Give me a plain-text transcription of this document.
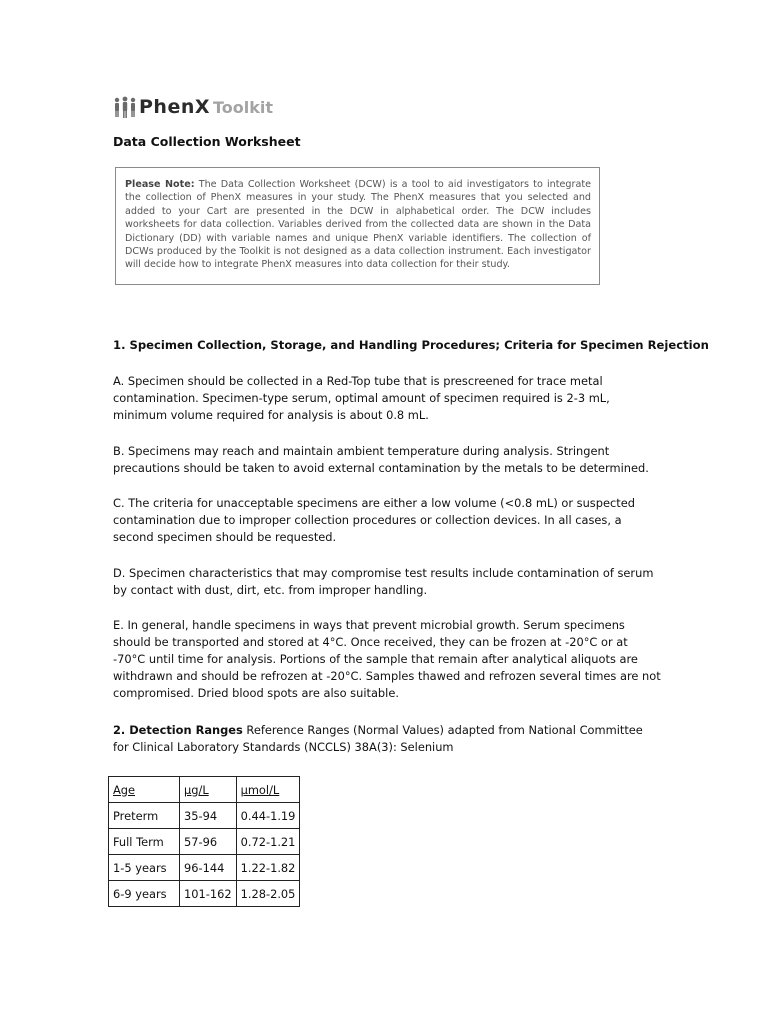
PhenX Toolkit
Data Collection Worksheet
Please Note: The Data Collection Worksheet (DCW) is a tool to aid investigators to integrate the collection of PhenX measures in your study. The PhenX measures that you selected and added to your Cart are presented in the DCW in alphabetical order. The DCW includes worksheets for data collection. Variables derived from the collected data are shown in the Data Dictionary (DD) with variable names and unique PhenX variable identifiers. The collection of DCWs produced by the Toolkit is not designed as a data collection instrument. Each investigator will decide how to integrate PhenX measures into data collection for their study.
1. Specimen Collection, Storage, and Handling Procedures; Criteria for Specimen Rejection
A. Specimen should be collected in a Red-Top tube that is prescreened for trace metal contamination. Specimen-type serum, optimal amount of specimen required is 2-3 mL, minimum volume required for analysis is about 0.8 mL.
B. Specimens may reach and maintain ambient temperature during analysis. Stringent precautions should be taken to avoid external contamination by the metals to be determined.
C. The criteria for unacceptable specimens are either a low volume (<0.8 mL) or suspected contamination due to improper collection procedures or collection devices. In all cases, a second specimen should be requested.
D. Specimen characteristics that may compromise test results include contamination of serum by contact with dust, dirt, etc. from improper handling.
E. In general, handle specimens in ways that prevent microbial growth. Serum specimens should be transported and stored at 4°C. Once received, they can be frozen at -20°C or at -70°C until time for analysis. Portions of the sample that remain after analytical aliquots are withdrawn and should be refrozen at -20°C. Samples thawed and refrozen several times are not compromised. Dried blood spots are also suitable.
2. Detection Ranges Reference Ranges (Normal Values) adapted from National Committee for Clinical Laboratory Standards (NCCLS) 38A(3): Selenium
Age	µg/L	µmol/L
Preterm	35-94	0.44-1.19
Full Term	57-96	0.72-1.21
1-5 years	96-144	1.22-1.82
6-9 years	101-162	1.28-2.05
